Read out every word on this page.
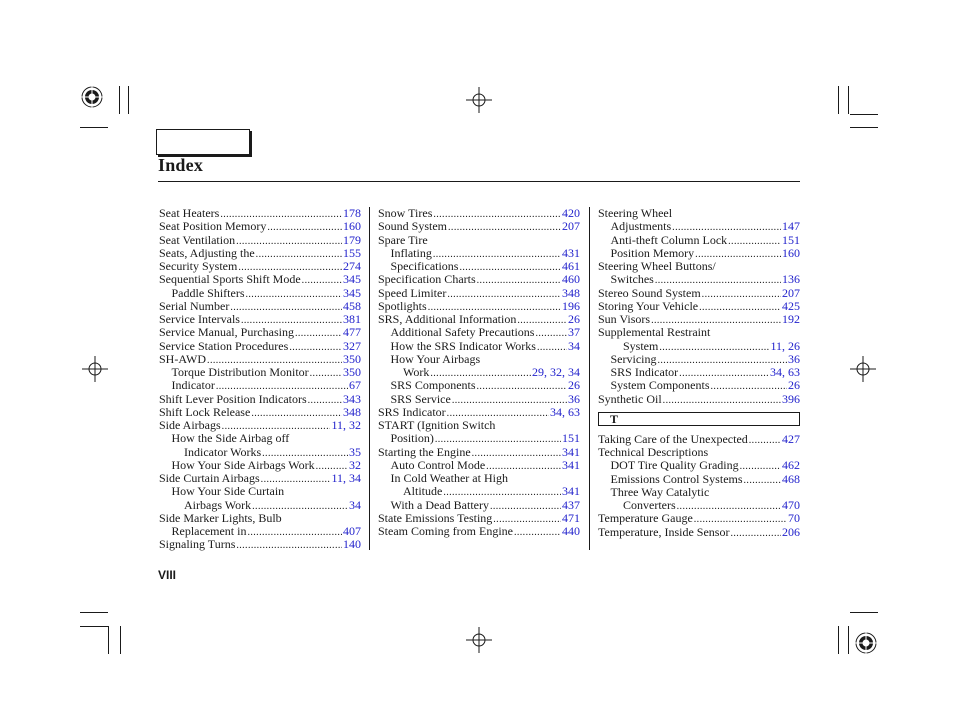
Index
Seat Heaters .....	178
Seat Position Memory .....	160
Seat Ventilation .....	179
Seats, Adjusting the .....	155
Security System .....	274
Sequential Sports Shift Mode .....	345
Paddle Shifters .....	345
Serial Number .....	458
Service Intervals .....	381
Service Manual, Purchasing .....	477
Service Station Procedures .....	327
SH-AWD .....	350
Torque Distribution Monitor .....	350
Indicator .....	67
Shift Lever Position Indicators .....	343
Shift Lock Release .....	348
Side Airbags .....	11, 32
How the Side Airbag off
Indicator Works .....	35
How Your Side Airbags Work .....	32
Side Curtain Airbags .....	11, 34
How Your Side Curtain
Airbags Work .....	34
Side Marker Lights, Bulb
Replacement in .....	407
Signaling Turns .....	140
Snow Tires .....	420
Sound System .....	207
Spare Tire
Inflating .....	431
Specifications .....	461
Specification Charts .....	460
Speed Limiter .....	348
Spotlights .....	196
SRS, Additional Information .....	26
Additional Safety Precautions .....	37
How the SRS Indicator Works .....	34
How Your Airbags
Work .....	29, 32, 34
SRS Components .....	26
SRS Service .....	36
SRS Indicator .....	34, 63
START (Ignition Switch
Position) .....	151
Starting the Engine .....	341
Auto Control Mode .....	341
In Cold Weather at High
Altitude .....	341
With a Dead Battery .....	437
State Emissions Testing .....	471
Steam Coming from Engine .....	440
Steering Wheel
Adjustments .....	147
Anti-theft Column Lock .....	151
Position Memory .....	160
Steering Wheel Buttons/
Switches .....	136
Stereo Sound System .....	207
Storing Your Vehicle .....	425
Sun Visors .....	192
Supplemental Restraint
System .....	11, 26
Servicing .....	36
SRS Indicator .....	34, 63
System Components .....	26
Synthetic Oil .....	396
T
Taking Care of the Unexpected .....	427
Technical Descriptions
DOT Tire Quality Grading .....	462
Emissions Control Systems .....	468
Three Way Catalytic
Converters .....	470
Temperature Gauge .....	70
Temperature, Inside Sensor .....	206
VIII
